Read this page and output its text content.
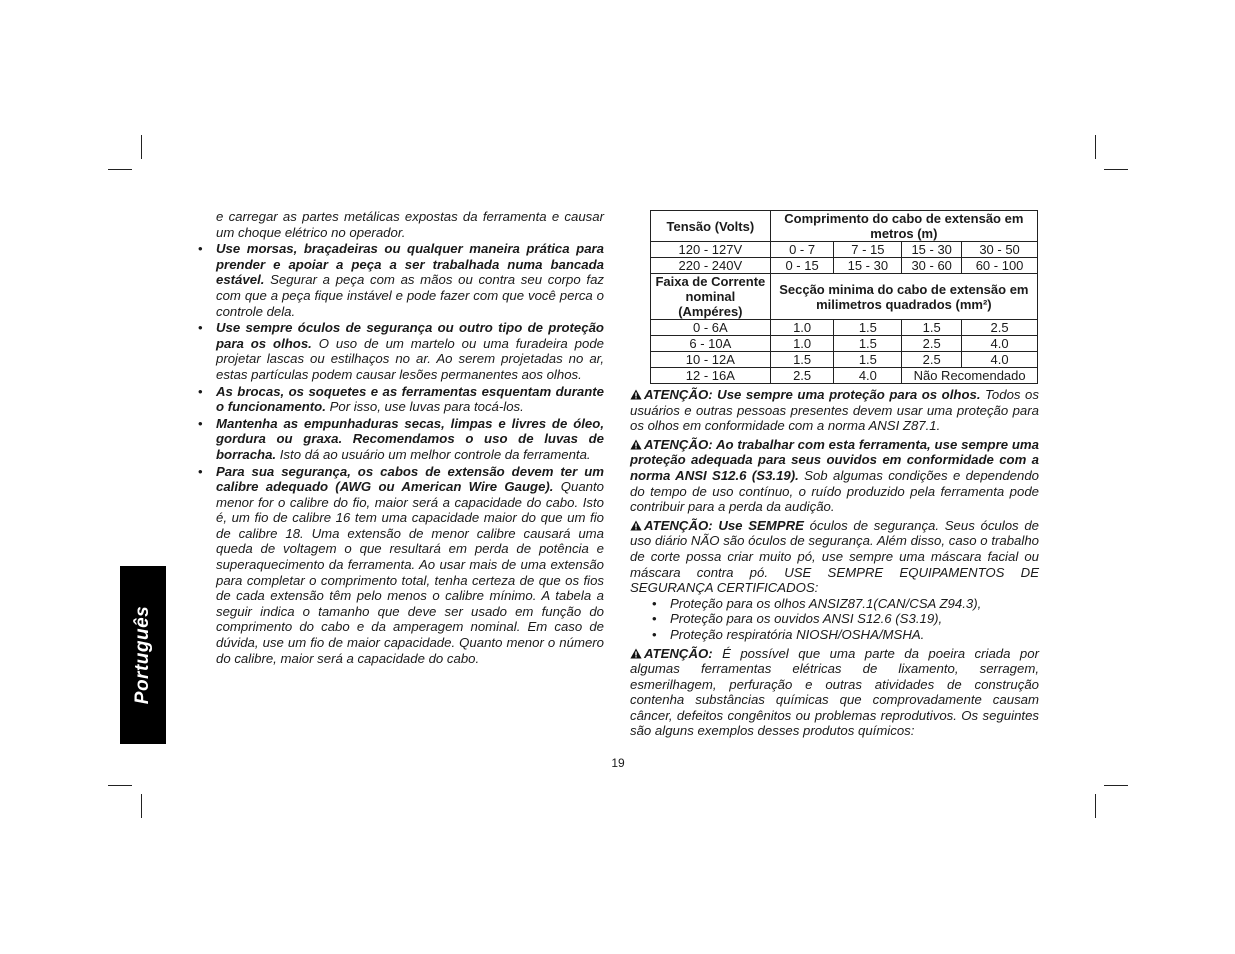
Português

e carregar as partes metálicas expostas da ferramenta e causar um choque elétrico no operador.

• Use morsas, braçadeiras ou qualquer maneira prática para prender e apoiar a peça a ser trabalhada numa bancada estável. Segurar a peça com as mãos ou contra seu corpo faz com que a peça fique instável e pode fazer com que você perca o controle dela.

• Use sempre óculos de segurança ou outro tipo de proteção para os olhos. O uso de um martelo ou uma furadeira pode projetar lascas ou estilhaços no ar. Ao serem projetadas no ar, estas partículas podem causar lesões permanentes aos olhos.

• As brocas, os soquetes e as ferramentas esquentam durante o funcionamento. Por isso, use luvas para tocá-los.

• Mantenha as empunhaduras secas, limpas e livres de óleo, gordura ou graxa. Recomendamos o uso de luvas de borracha. Isto dá ao usuário um melhor controle da ferramenta.

• Para sua segurança, os cabos de extensão devem ter um calibre adequado (AWG ou American Wire Gauge). Quanto menor for o calibre do fio, maior será a capacidade do cabo. Isto é, um fio de calibre 16 tem uma capacidade maior do que um fio de calibre 18. Uma extensão de menor calibre causará uma queda de voltagem o que resultará em perda de potência e superaquecimento da ferramenta. Ao usar mais de uma extensão para completar o comprimento total, tenha certeza de que os fios de cada extensão têm pelo menos o calibre mínimo. A tabela a seguir indica o tamanho que deve ser usado em função do comprimento do cabo e da amperagem nominal. Em caso de dúvida, use um fio de maior capacidade. Quanto menor o número do calibre, maior será a capacidade do cabo.

Tensão (Volts)	Comprimento do cabo de extensão em metros (m)			
120 - 127V	0 - 7	7 - 15	15 - 30	30 - 50
220 - 240V	0 - 15	15 - 30	30 - 60	60 - 100
Faixa de Corrente nominal (Ampéres)	Secção minima do cabo de extensão em milimetros quadrados (mm²)			
0 - 6A	1.0	1.5	1.5	2.5
6 - 10A	1.0	1.5	2.5	4.0
10 - 12A	1.5	1.5	2.5	4.0
12 - 16A	2.5	4.0	Não Recomendado	

ATENÇÃO: Use sempre uma proteção para os olhos. Todos os usuários e outras pessoas presentes devem usar uma proteção para os olhos em conformidade com a norma ANSI Z87.1.

ATENÇÃO: Ao trabalhar com esta ferramenta, use sempre uma proteção adequada para seus ouvidos em conformidade com a norma ANSI S12.6 (S3.19). Sob algumas condições e dependendo do tempo de uso contínuo, o ruído produzido pela ferramenta pode contribuir para a perda da audição.

ATENÇÃO: Use SEMPRE óculos de segurança. Seus óculos de uso diário NÃO são óculos de segurança. Além disso, caso o trabalho de corte possa criar muito pó, use sempre uma máscara facial ou máscara contra pó. USE SEMPRE EQUIPAMENTOS DE SEGURANÇA CERTIFICADOS:

• Proteção para os olhos ANSIZ87.1(CAN/CSA Z94.3),
• Proteção para os ouvidos ANSI S12.6 (S3.19),
• Proteção respiratória NIOSH/OSHA/MSHA.

ATENÇÃO: É possível que uma parte da poeira criada por algumas ferramentas elétricas de lixamento, serragem, esmerilhagem, perfuração e outras atividades de construção contenha substâncias químicas que comprovadamente causam câncer, defeitos congênitos ou problemas reprodutivos. Os seguintes são alguns exemplos desses produtos químicos:

19
